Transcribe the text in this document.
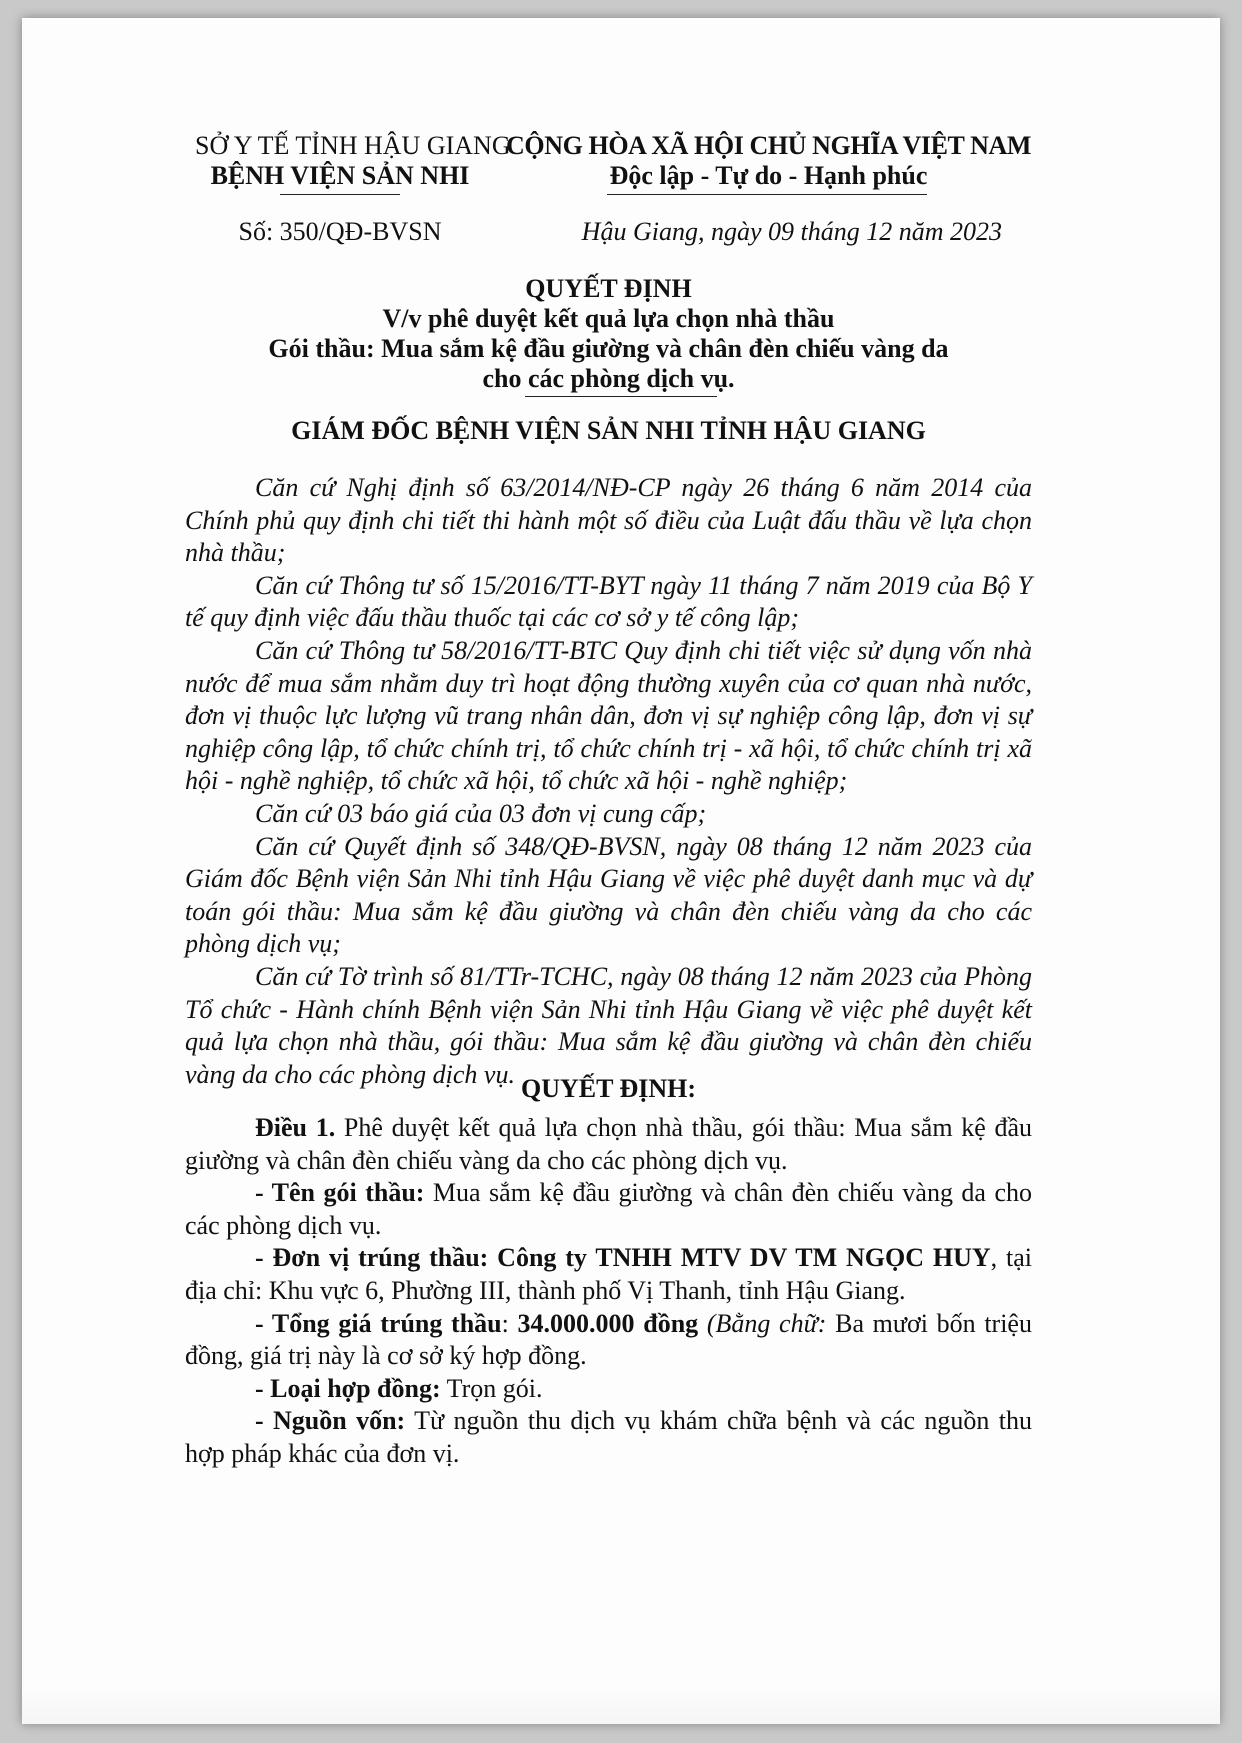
SỞ Y TẾ TỈNH HẬU GIANG
BỆNH VIỆN SẢN NHI
Số: 350/QĐ-BVSN
CỘNG HÒA XÃ HỘI CHỦ NGHĨA VIỆT NAM
Độc lập - Tự do - Hạnh phúc
Hậu Giang, ngày 09 tháng 12 năm 2023
QUYẾT ĐỊNH
V/v phê duyệt kết quả lựa chọn nhà thầu
Gói thầu: Mua sắm kệ đầu giường và chân đèn chiếu vàng da
cho các phòng dịch vụ.
GIÁM ĐỐC BỆNH VIỆN SẢN NHI TỈNH HẬU GIANG

Căn cứ Nghị định số 63/2014/NĐ-CP ngày 26 tháng 6 năm 2014 của Chính phủ quy định chi tiết thi hành một số điều của Luật đấu thầu về lựa chọn nhà thầu;

Căn cứ Thông tư số 15/2016/TT-BYT ngày 11 tháng 7 năm 2019 của Bộ Y tế quy định việc đấu thầu thuốc tại các cơ sở y tế công lập;

Căn cứ Thông tư 58/2016/TT-BTC Quy định chi tiết việc sử dụng vốn nhà nước để mua sắm nhằm duy trì hoạt động thường xuyên của cơ quan nhà nước, đơn vị thuộc lực lượng vũ trang nhân dân, đơn vị sự nghiệp công lập, đơn vị sự nghiệp công lập, tổ chức chính trị, tổ chức chính trị - xã hội, tổ chức chính trị xã hội - nghề nghiệp, tổ chức xã hội, tổ chức xã hội - nghề nghiệp;

Căn cứ 03 báo giá của 03 đơn vị cung cấp;

Căn cứ Quyết định số 348/QĐ-BVSN, ngày 08 tháng 12 năm 2023 của Giám đốc Bệnh viện Sản Nhi tỉnh Hậu Giang về việc phê duyệt danh mục và dự toán gói thầu: Mua sắm kệ đầu giường và chân đèn chiếu vàng da cho các phòng dịch vụ;

Căn cứ Tờ trình số 81/TTr-TCHC, ngày 08 tháng 12 năm 2023 của Phòng Tổ chức - Hành chính Bệnh viện Sản Nhi tỉnh Hậu Giang về việc phê duyệt kết quả lựa chọn nhà thầu, gói thầu: Mua sắm kệ đầu giường và chân đèn chiếu vàng da cho các phòng dịch vụ. QUYẾT ĐỊNH:

Điều 1. Phê duyệt kết quả lựa chọn nhà thầu, gói thầu: Mua sắm kệ đầu giường và chân đèn chiếu vàng da cho các phòng dịch vụ.

- Tên gói thầu: Mua sắm kệ đầu giường và chân đèn chiếu vàng da cho các phòng dịch vụ.

- Đơn vị trúng thầu: Công ty TNHH MTV DV TM NGỌC HUY, tại địa chỉ: Khu vực 6, Phường III, thành phố Vị Thanh, tỉnh Hậu Giang.

- Tổng giá trúng thầu: 34.000.000 đồng (Bằng chữ: Ba mươi bốn triệu đồng, giá trị này là cơ sở ký hợp đồng.

- Loại hợp đồng: Trọn gói.

- Nguồn vốn: Từ nguồn thu dịch vụ khám chữa bệnh và các nguồn thu hợp pháp khác của đơn vị.
